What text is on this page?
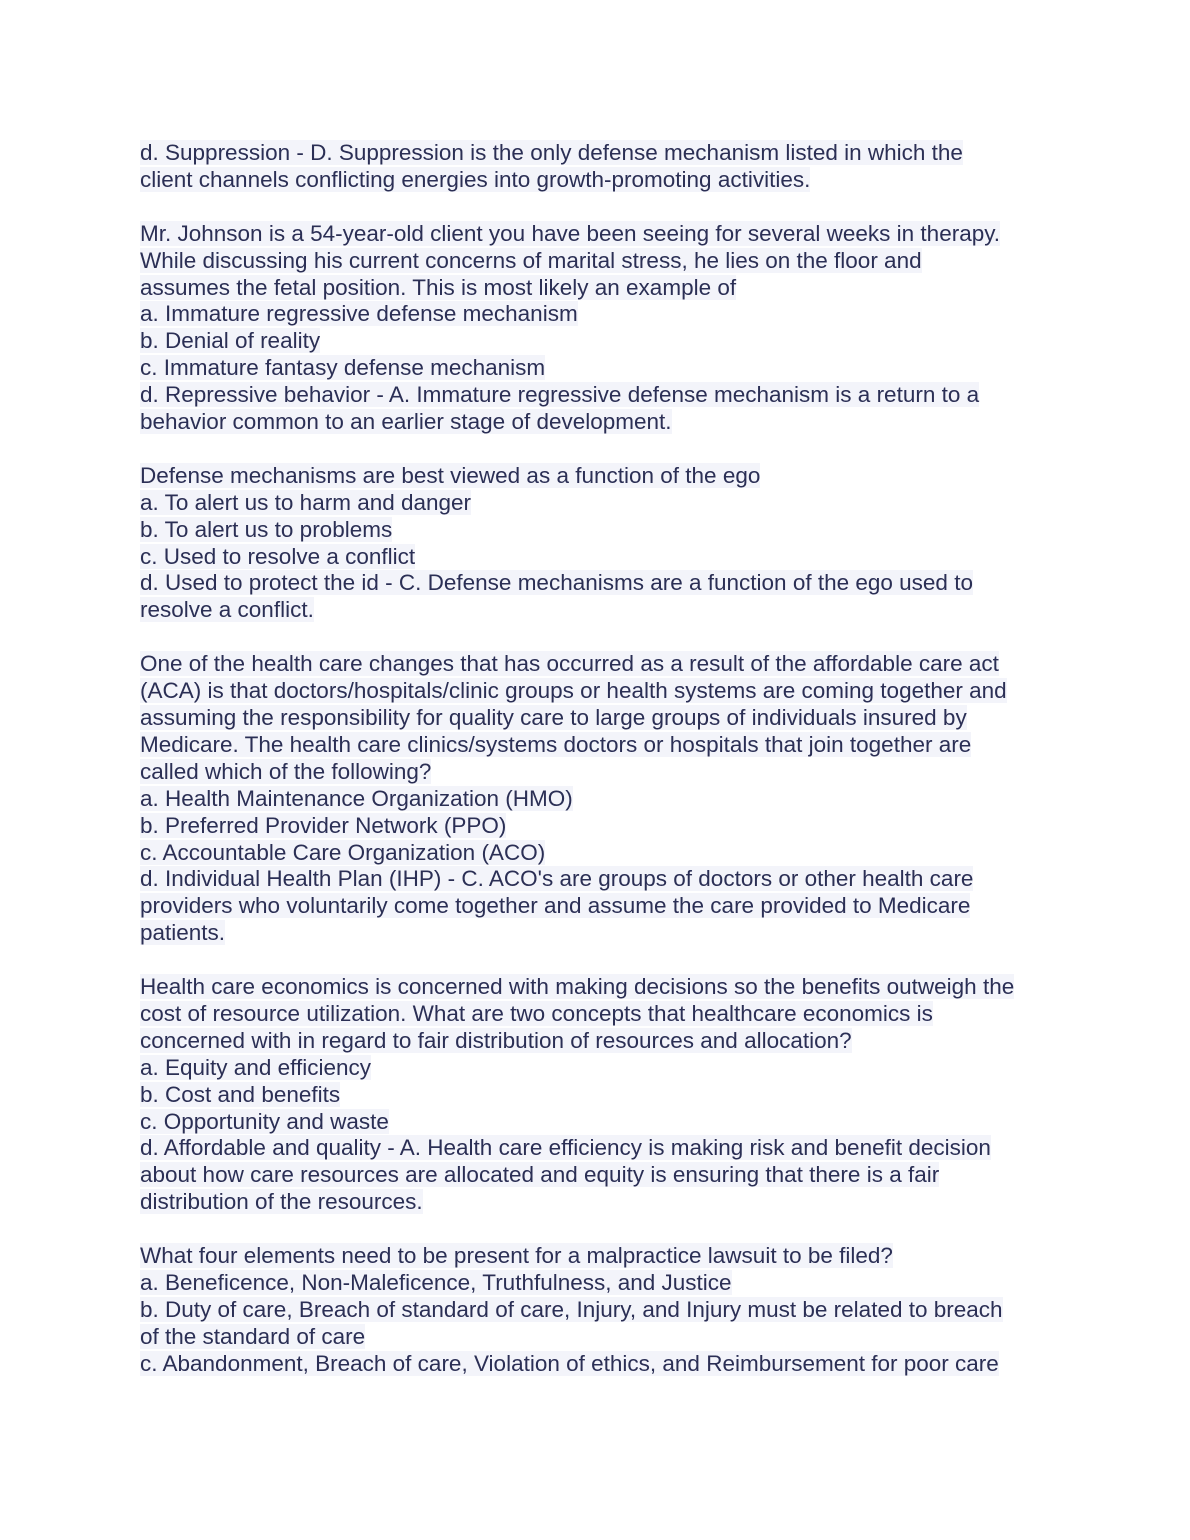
d. Suppression - D. Suppression is the only defense mechanism listed in which the
client channels conflicting energies into growth-promoting activities.
Mr. Johnson is a 54-year-old client you have been seeing for several weeks in therapy.
While discussing his current concerns of marital stress, he lies on the floor and
assumes the fetal position. This is most likely an example of
a. Immature regressive defense mechanism
b. Denial of reality
c. Immature fantasy defense mechanism
d. Repressive behavior - A. Immature regressive defense mechanism is a return to a
behavior common to an earlier stage of development.
Defense mechanisms are best viewed as a function of the ego
a. To alert us to harm and danger
b. To alert us to problems
c. Used to resolve a conflict
d. Used to protect the id - C. Defense mechanisms are a function of the ego used to
resolve a conflict.
One of the health care changes that has occurred as a result of the affordable care act
(ACA) is that doctors/hospitals/clinic groups or health systems are coming together and
assuming the responsibility for quality care to large groups of individuals insured by
Medicare. The health care clinics/systems doctors or hospitals that join together are
called which of the following?
a. Health Maintenance Organization (HMO)
b. Preferred Provider Network (PPO)
c. Accountable Care Organization (ACO)
d. Individual Health Plan (IHP) - C. ACO's are groups of doctors or other health care
providers who voluntarily come together and assume the care provided to Medicare
patients.
Health care economics is concerned with making decisions so the benefits outweigh the
cost of resource utilization. What are two concepts that healthcare economics is
concerned with in regard to fair distribution of resources and allocation?
a. Equity and efficiency
b. Cost and benefits
c. Opportunity and waste
d. Affordable and quality - A. Health care efficiency is making risk and benefit decision
about how care resources are allocated and equity is ensuring that there is a fair
distribution of the resources.
What four elements need to be present for a malpractice lawsuit to be filed?
a. Beneficence, Non-Maleficence, Truthfulness, and Justice
b. Duty of care, Breach of standard of care, Injury, and Injury must be related to breach
of the standard of care
c. Abandonment, Breach of care, Violation of ethics, and Reimbursement for poor care
